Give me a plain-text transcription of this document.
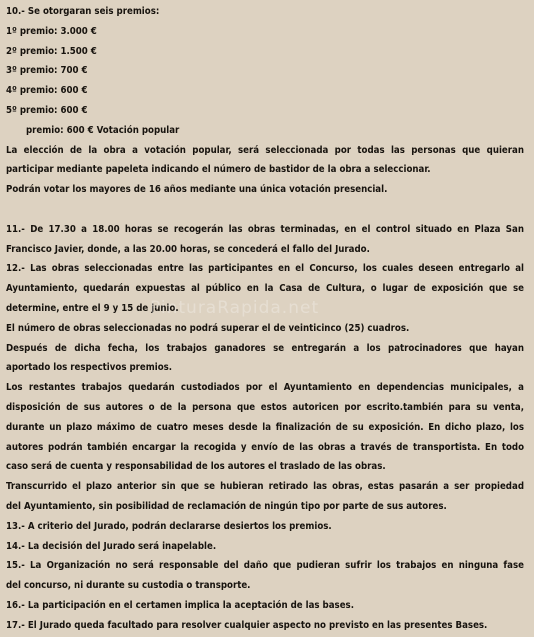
10.- Se otorgaran seis premios:
1º premio: 3.000 €
2º premio: 1.500 €
3º premio: 700 €
4º premio: 600 €
5º premio: 600 €
premio: 600 € Votación popular
La elección de la obra a votación popular, será seleccionada por todas las personas que quieran
participar mediante papeleta indicando el número de bastidor de la obra a seleccionar.
Podrán votar los mayores de 16 años mediante una única votación presencial.
11.- De 17.30 a 18.00 horas se recogerán las obras terminadas, en el control situado en Plaza San
Francisco Javier, donde, a las 20.00 horas, se concederá el fallo del Jurado.
12.- Las obras seleccionadas entre las participantes en el Concurso, los cuales deseen entregarlo al
Ayuntamiento, quedarán expuestas al público en la Casa de Cultura, o lugar de exposición que se
determine, entre el 9 y 15 de junio.
El número de obras seleccionadas no podrá superar el de veinticinco (25) cuadros.
Después de dicha fecha, los trabajos ganadores se entregarán a los patrocinadores que hayan
aportado los respectivos premios.
Los restantes trabajos quedarán custodiados por el Ayuntamiento en dependencias municipales, a
disposición de sus autores o de la persona que estos autoricen por escrito.también para su venta,
durante un plazo máximo de cuatro meses desde la finalización de su exposición. En dicho plazo, los
autores podrán también encargar la recogida y envío de las obras a través de transportista. En todo
caso será de cuenta y responsabilidad de los autores el traslado de las obras.
Transcurrido el plazo anterior sin que se hubieran retirado las obras, estas pasarán a ser propiedad
del Ayuntamiento, sin posibilidad de reclamación de ningún tipo por parte de sus autores.
13.- A criterio del Jurado, podrán declararse desiertos los premios.
14.- La decisión del Jurado será inapelable.
15.- La Organización no será responsable del daño que pudieran sufrir los trabajos en ninguna fase
del concurso, ni durante su custodia o transporte.
16.- La participación en el certamen implica la aceptación de las bases.
17.- El Jurado queda facultado para resolver cualquier aspecto no previsto en las presentes Bases.
PinturaRapida.net
